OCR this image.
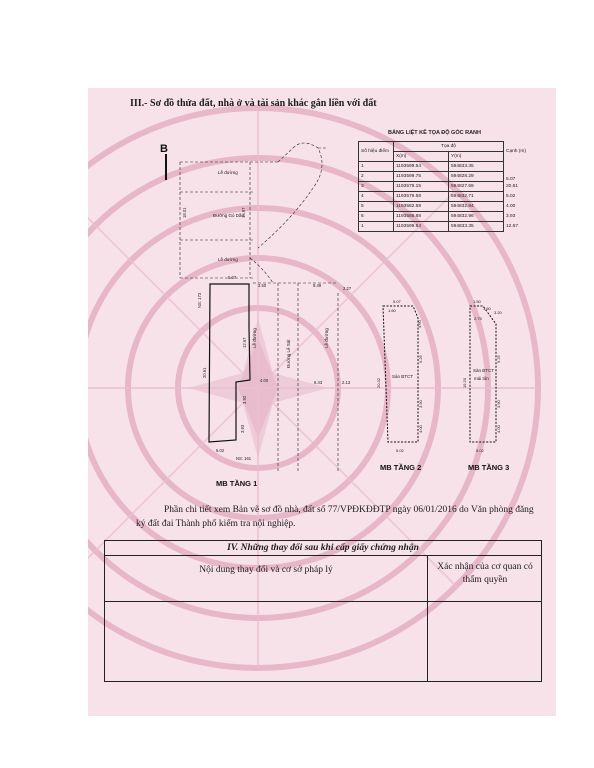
III.- Sơ đồ thửa đất, nhà ở và tài sản khác gắn liền với đất
BẢNG LIỆT KÊ TỌA ĐỘ GÓC RANH
Số hiệu điểm	Tọa độ		Cạnh (m)
	X(m)	Y(m)	
1	1193599.54	594833.35	5.07
2	1193599.75	594828.29	
3	1193579.15	594827.69	20.61
4	1193579.58	594832.71	5.02
5	1193582.59	594832.84	4.00
6	1193586.88	594832.96	3.93
1	1193599.54	594833.35	12.67
B
Lề đường
Đường Gò Dầu
Lề đường
Lề đường
Đường Lê Sát
Lề đường
NS: 173
NS: 161
5.07
3.50	9.49
2.27
20.61
12.67
4.00	6.43	2.13
3.92
3.93
5.02
18.01	15.97
MB TẦNG 1
5.07
1.60
4.60
20.32
9.25
3.90
4.00
5.02
Sàn BTCT
MB TẦNG 2
1.50
1.60
3.20
2.75
19.20
9.25
3.90
4.00
5.02
Sàn BTCT
mái tôn
MB TẦNG 3
Phần chi tiết xem Bản vẽ sơ đồ nhà, đất số 77/VPĐKĐĐTP ngày 06/01/2016 do Văn phòng đăng ký đất đai Thành phố kiểm tra nội nghiệp.
IV. Những thay đổi sau khi cấp giấy chứng nhận
Nội dung thay đổi và cơ sở pháp lý	Xác nhận của cơ quan có thẩm quyền
